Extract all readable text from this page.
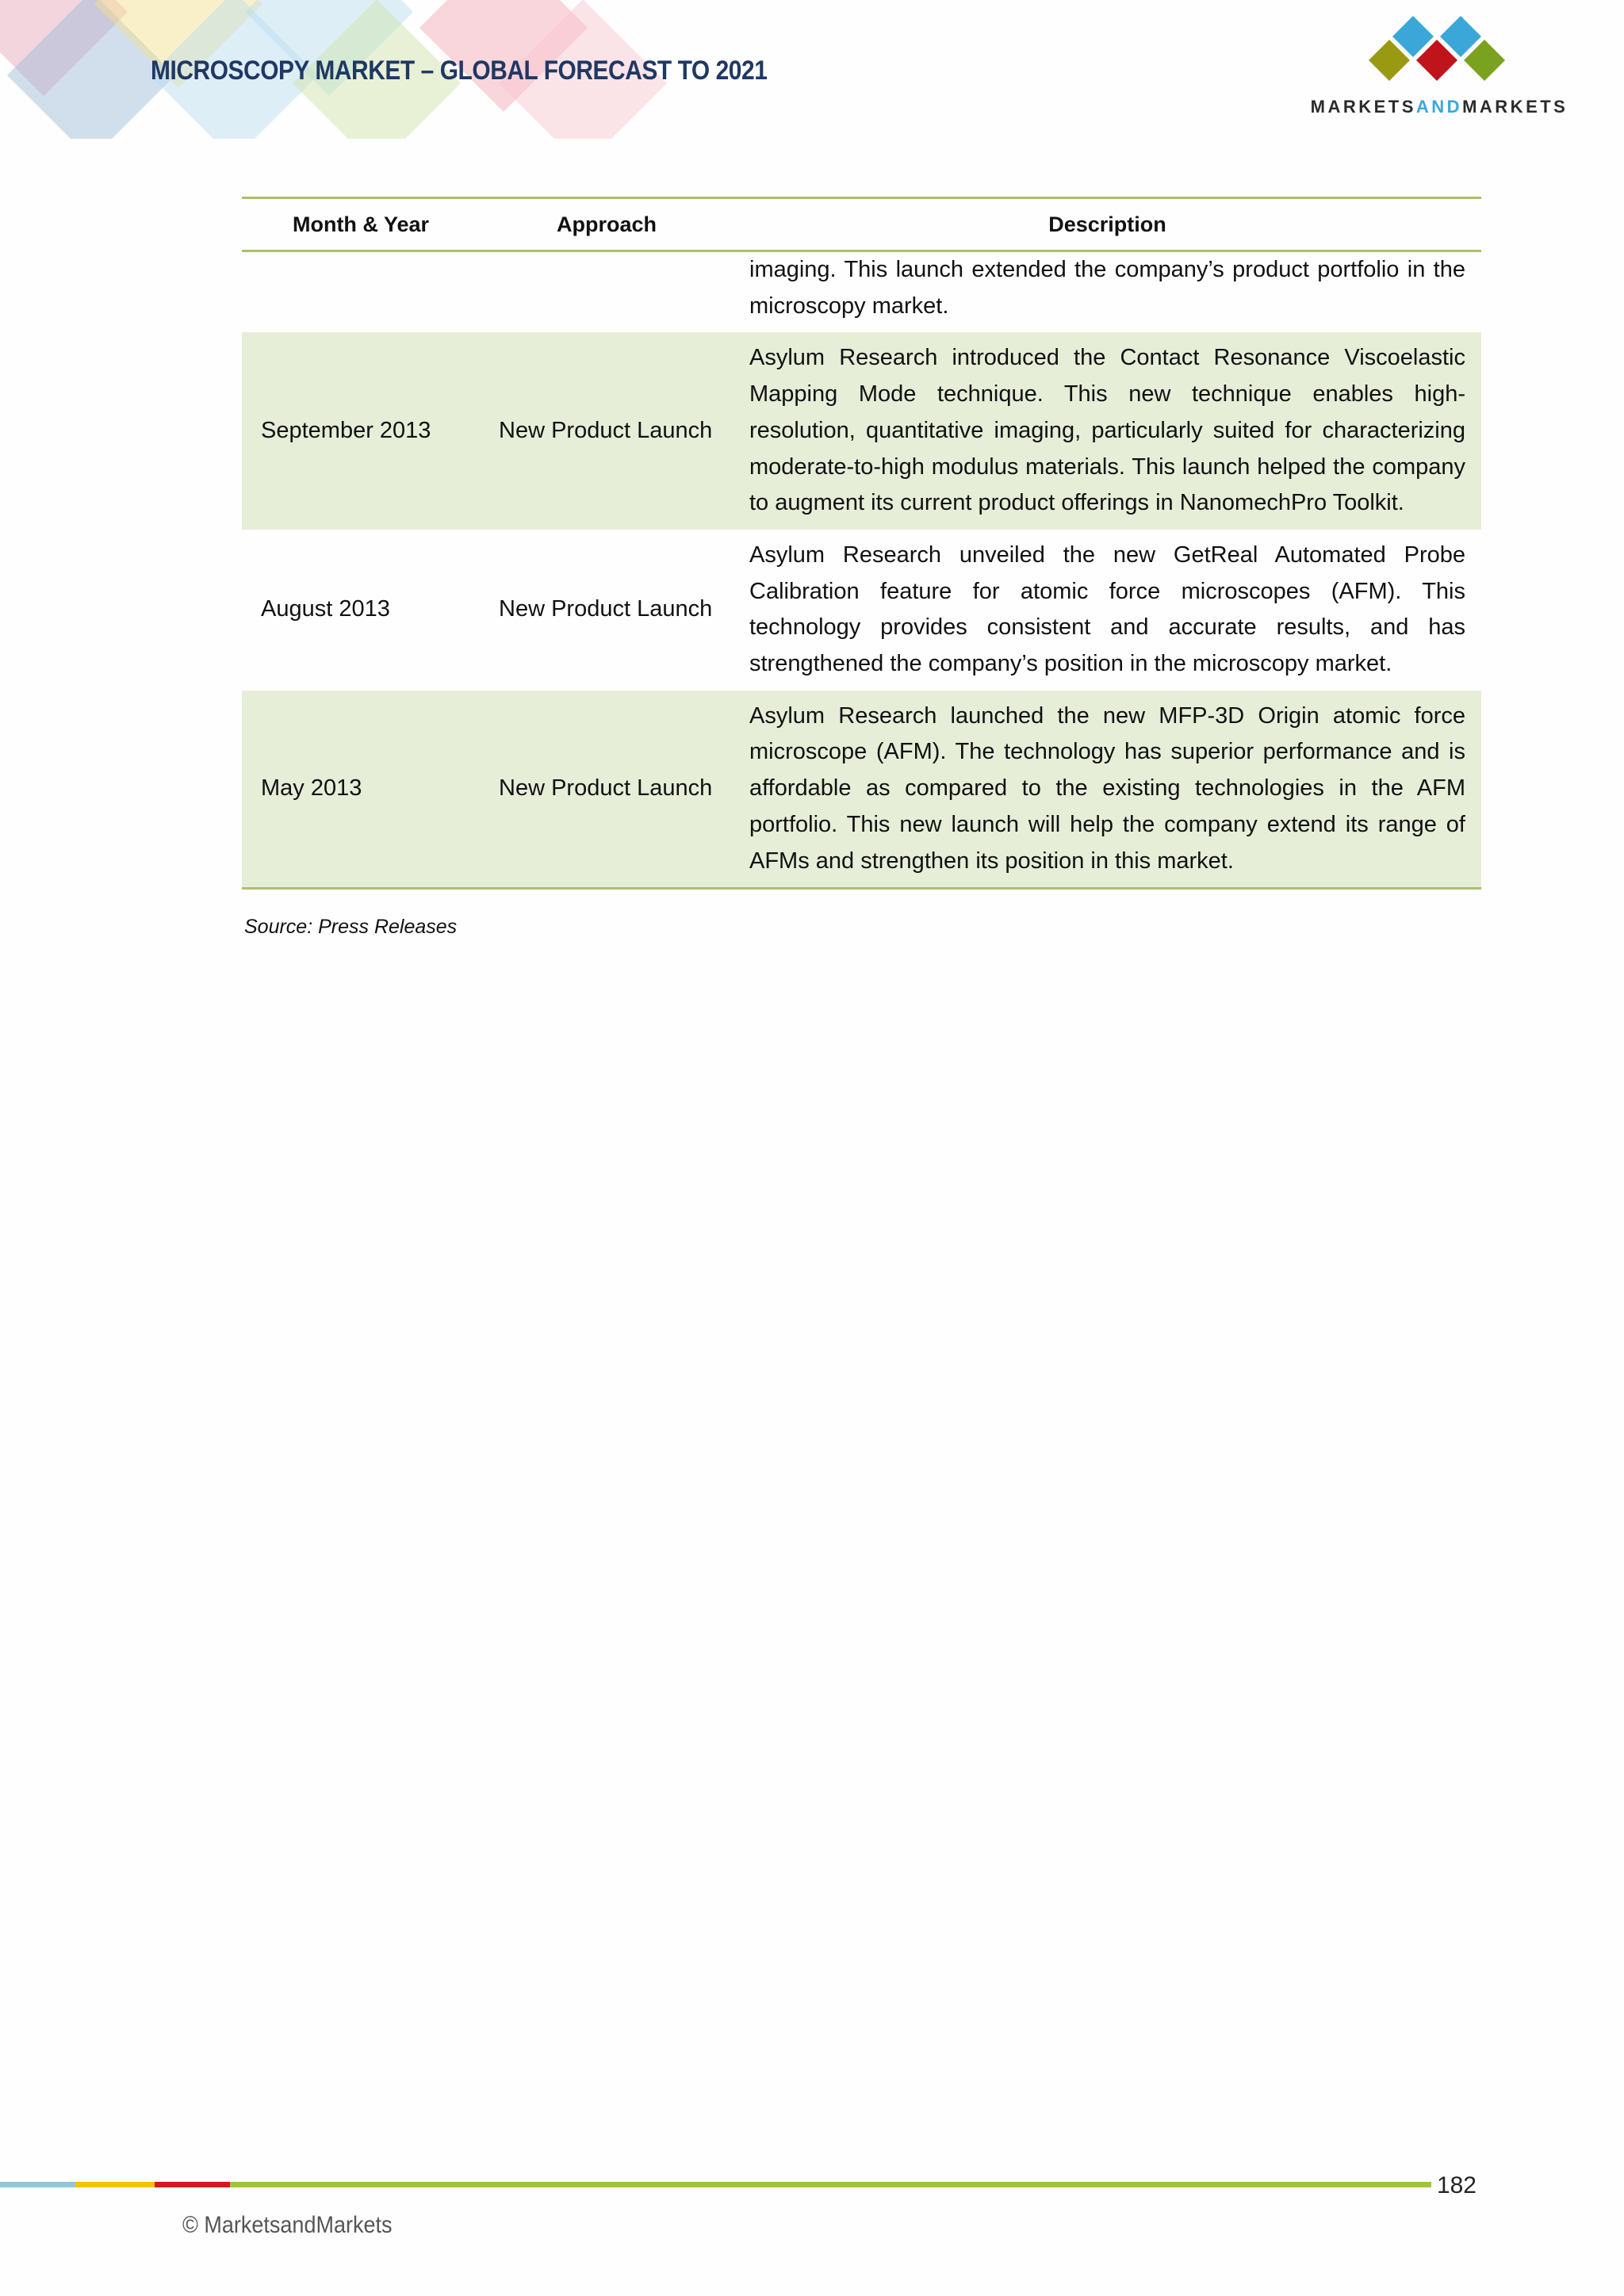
MICROSCOPY MARKET – GLOBAL FORECAST TO 2021
MARKETSANDMARKETS
Month & Year	Approach	Description
		imaging. This launch extended the company’s product portfolio in the microscopy market.
September 2013	New Product Launch	Asylum Research introduced the Contact Resonance Viscoelastic Mapping Mode technique. This new technique enables high-resolution, quantitative imaging, particularly suited for characterizing moderate-to-high modulus materials. This launch helped the company to augment its current product offerings in NanomechPro Toolkit.
August 2013	New Product Launch	Asylum Research unveiled the new GetReal Automated Probe Calibration feature for atomic force microscopes (AFM). This technology provides consistent and accurate results, and has strengthened the company’s position in the microscopy market.
May 2013	New Product Launch	Asylum Research launched the new MFP-3D Origin atomic force microscope (AFM). The technology has superior performance and is affordable as compared to the existing technologies in the AFM portfolio. This new launch will help the company extend its range of AFMs and strengthen its position in this market.
Source: Press Releases
182
© MarketsandMarkets
